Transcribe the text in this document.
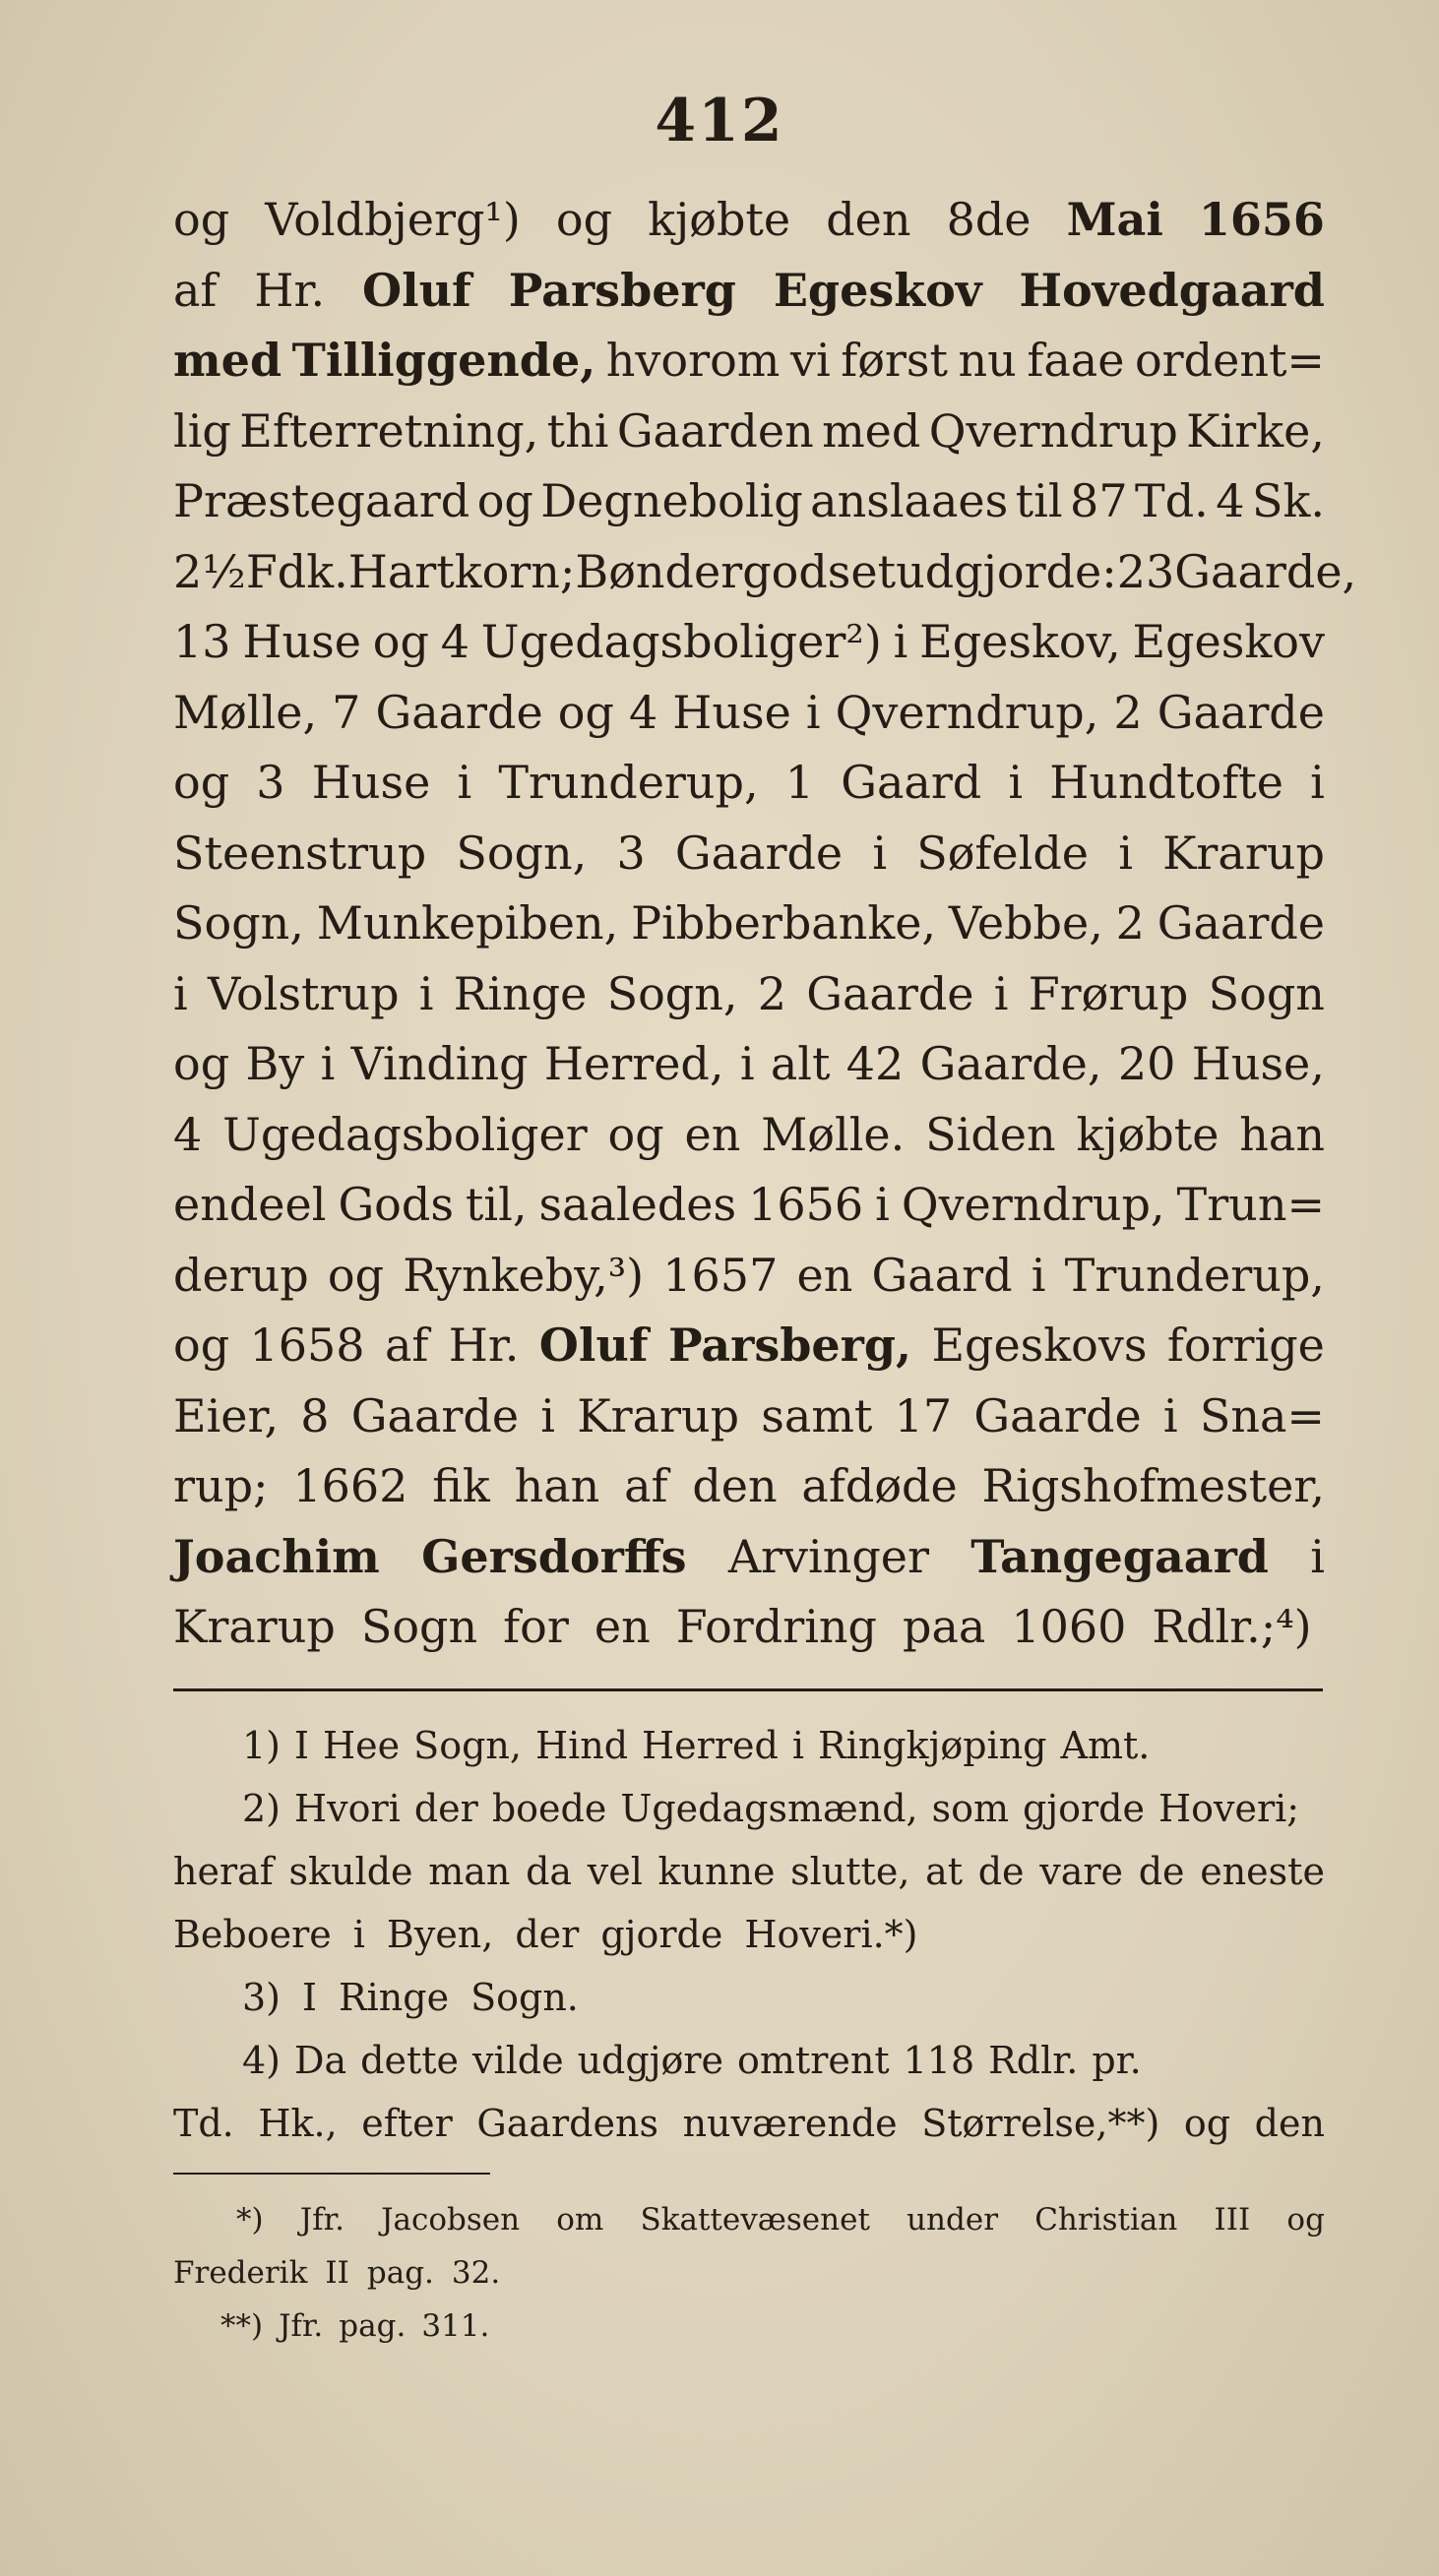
412
og Voldbjerg¹) og kjøbte den 8de Mai 1656
af Hr. Oluf Parsberg Egeskov Hovedgaard
med Tilliggende, hvorom vi først nu faae ordent=
lig Efterretning, thi Gaarden med Qverndrup Kirke,
Præstegaard og Degnebolig anslaaes til 87 Td. 4 Sk.
2½ Fdk. Hartkorn; Bøndergodset udgjorde: 23 Gaarde,
13 Huse og 4 Ugedagsboliger²) i Egeskov, Egeskov
Mølle, 7 Gaarde og 4 Huse i Qverndrup, 2 Gaarde
og 3 Huse i Trunderup, 1 Gaard i Hundtofte i
Steenstrup Sogn, 3 Gaarde i Søfelde i Krarup
Sogn, Munkepiben, Pibberbanke, Vebbe, 2 Gaarde
i Volstrup i Ringe Sogn, 2 Gaarde i Frørup Sogn
og By i Vinding Herred, i alt 42 Gaarde, 20 Huse,
4 Ugedagsboliger og en Mølle. Siden kjøbte han
endeel Gods til, saaledes 1656 i Qverndrup, Trun=
derup og Rynkeby,³) 1657 en Gaard i Trunderup,
og 1658 af Hr. Oluf Parsberg, Egeskovs forrige
Eier, 8 Gaarde i Krarup samt 17 Gaarde i Sna=
rup; 1662 fik han af den afdøde Rigshofmester,
Joachim Gersdorffs Arvinger Tangegaard i
Krarup Sogn for en Fordring paa 1060 Rdlr.;⁴)
1) I Hee Sogn, Hind Herred i Ringkjøping Amt.
2) Hvori der boede Ugedagsmænd, som gjorde Hoveri;
heraf skulde man da vel kunne slutte, at de vare de eneste
Beboere i Byen, der gjorde Hoveri.*)
3) I Ringe Sogn.
4) Da dette vilde udgjøre omtrent 118 Rdlr. pr.
Td. Hk., efter Gaardens nuværende Størrelse,**) og den
*) Jfr. Jacobsen om Skattevæsenet under Christian III og
Frederik II pag. 32.
**) Jfr. pag. 311.
